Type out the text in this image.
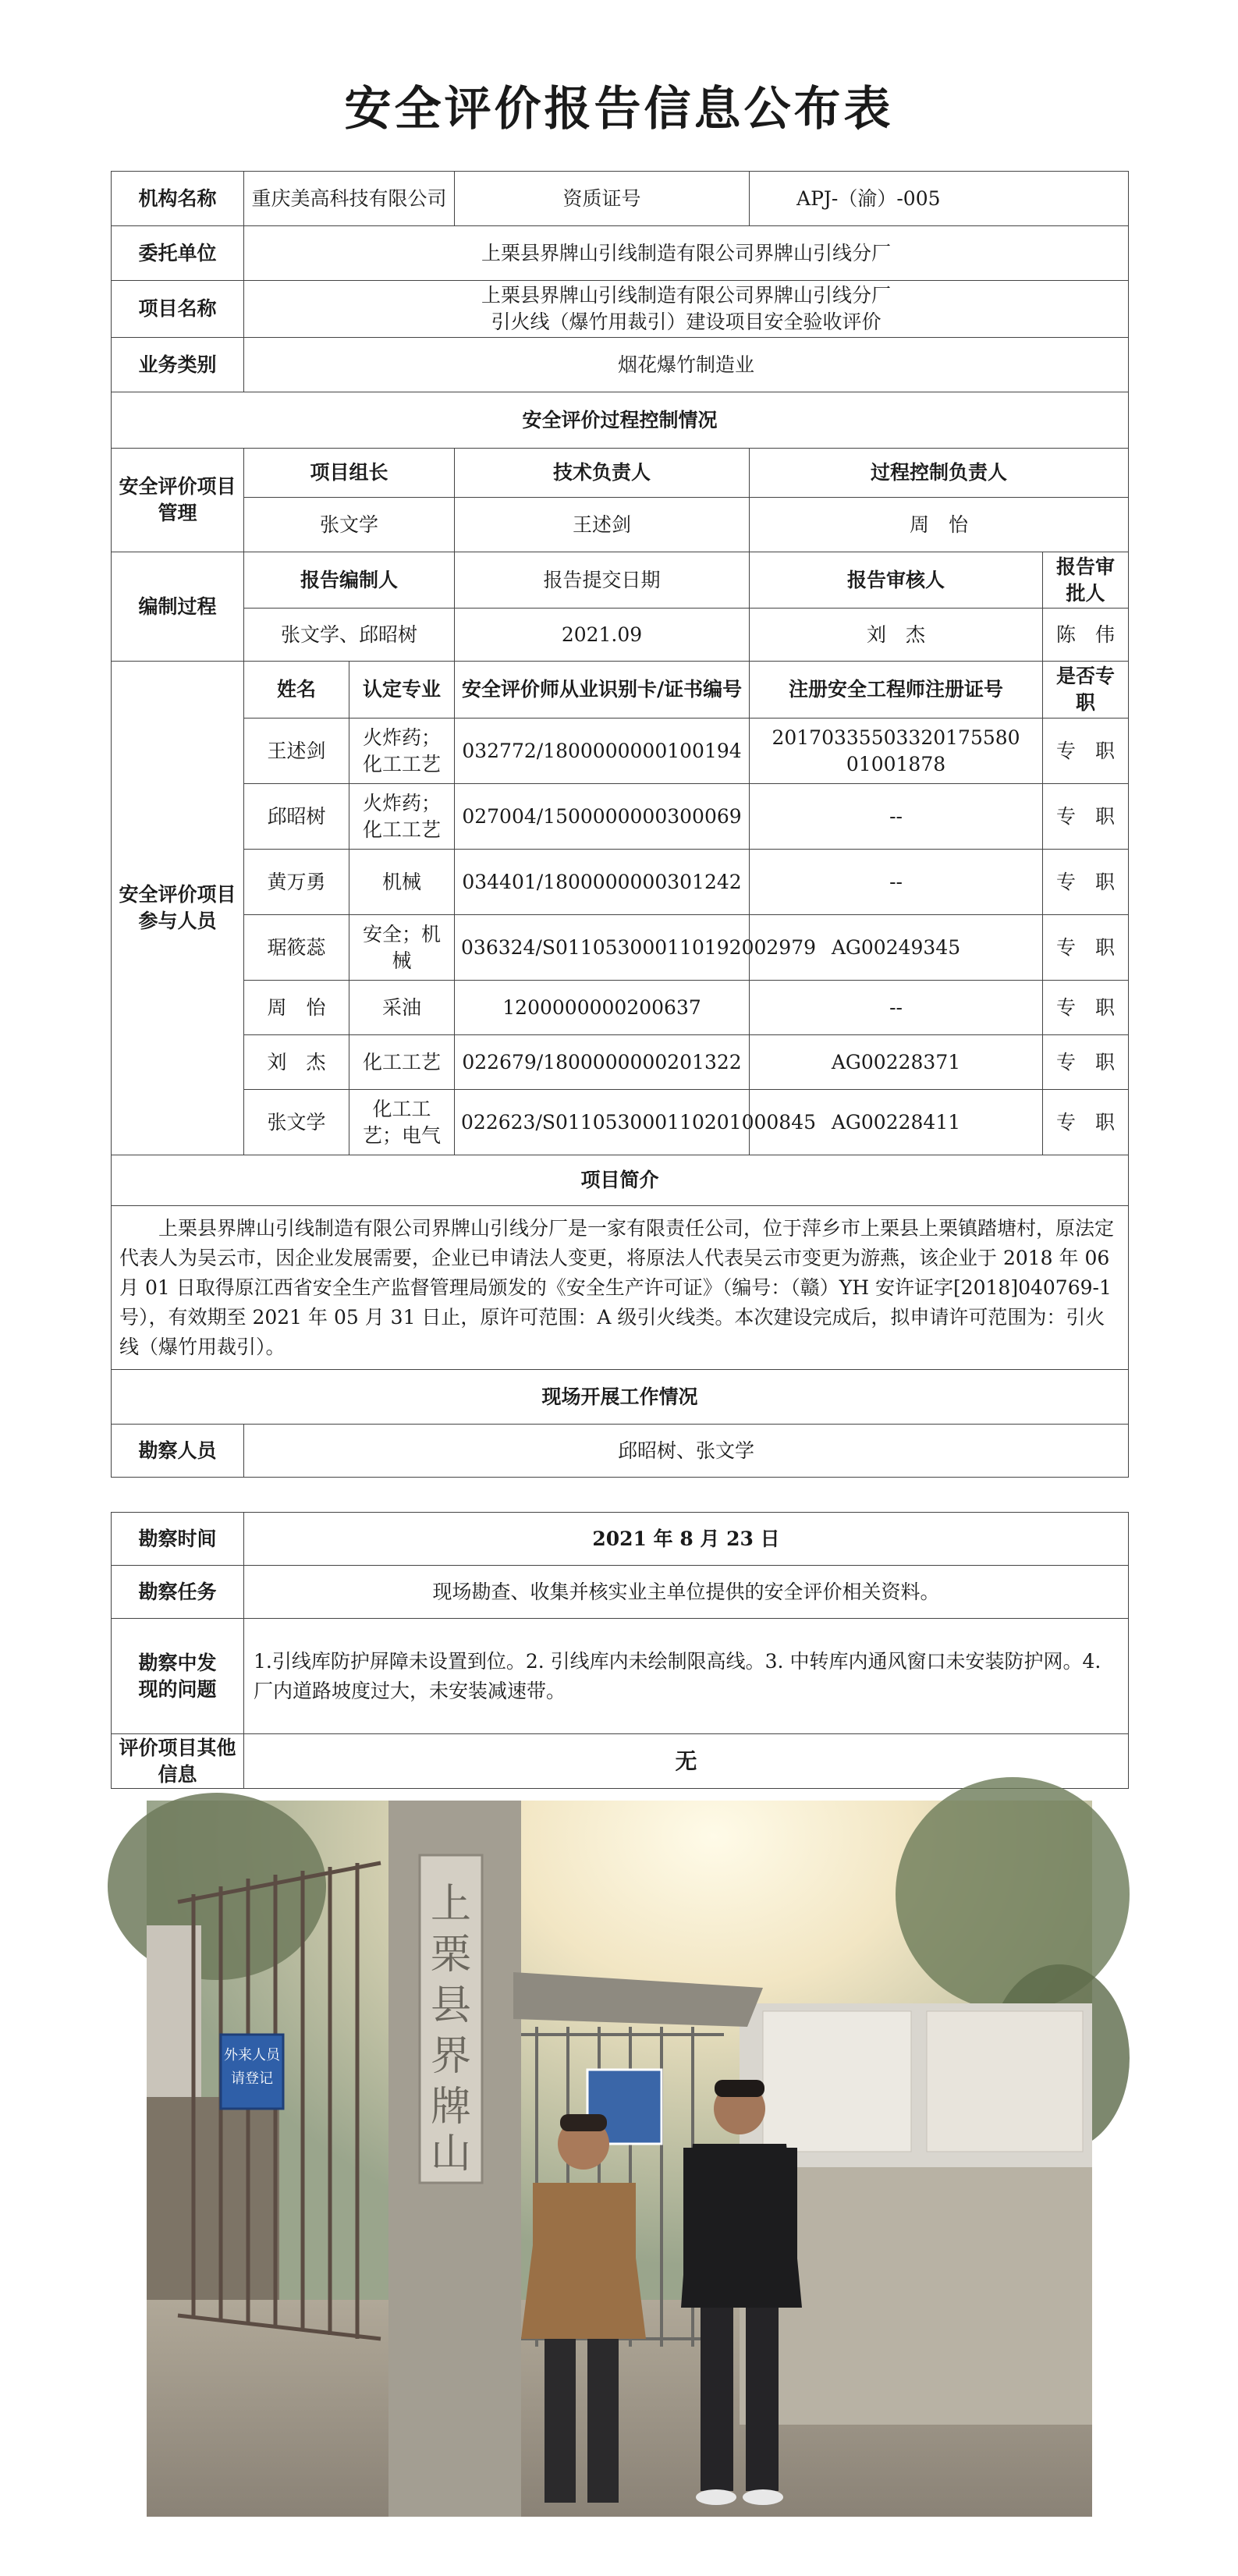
安全评价报告信息公布表
机构名称	重庆美高科技有限公司		资质证号	APJ-（渝）-005	
委托单位	上栗县界牌山引线制造有限公司界牌山引线分厂				
项目名称	上栗县界牌山引线制造有限公司界牌山引线分厂
引火线（爆竹用裁引）建设项目安全验收评价				

业务类别	烟花爆竹制造业				
安全评价过程控制情况					
安全评价项目管理	项目组长		技术负责人	过程控制负责人	
	张文学		王述剑	周　怡	
编制过程	报告编制人		报告提交日期	报告审核人	报告审批人
	张文学、邱昭树		2021.09	刘　杰	陈　伟
安全评价项目参与人员	姓名	认定专业	安全评价师从业识别卡/证书编号	注册安全工程师注册证号	是否专职
	王述剑	火炸药；化工工艺	032772/1800000000100194	20170335503320175580 01001878	专　职
	邱昭树	火炸药；化工工艺	027004/1500000000300069	--	专　职
	黄万勇	机械	034401/1800000000301242	--	专　职
	琚筱蕊	安全；机械	036324/S011053000110192002979	AG00249345	专　职
	周　怡	采油	1200000000200637	--	专　职
	刘　杰	化工工艺	022679/1800000000201322	AG00228371	专　职
	张文学	化工工艺；电气	022623/S011053000110201000845	AG00228411	专　职
项目简介					
上栗县界牌山引线制造有限公司界牌山引线分厂是一家有限责任公司，位于萍乡市上栗县上栗镇踏塘村，原法定代表人为吴云市，因企业发展需要，企业已申请法人变更，将原法人代表吴云市变更为游燕，该企业于 2018 年 06 月 01 日取得原江西省安全生产监督管理局颁发的《安全生产许可证》（编号：（赣）YH 安许证字[2018]040769-1 号），有效期至 2021 年 05 月 31 日止，原许可范围：A 级引火线类。本次建设完成后，拟申请许可范围为：引火线（爆竹用裁引）。					
现场开展工作情况					
勘察人员	邱昭树、张文学				
勘察时间	2021 年 8 月 23 日
勘察任务	现场勘查、收集并核实业主单位提供的安全评价相关资料。
勘察中发现的问题	1.引线库防护屏障未设置到位。2. 引线库内未绘制限高线。3. 中转库内通风窗口未安装防护网。4. 厂内道路坡度过大，未安装减速带。
评价项目其他信息	无
上
栗
县
界
牌
山
外来人员
请登记
